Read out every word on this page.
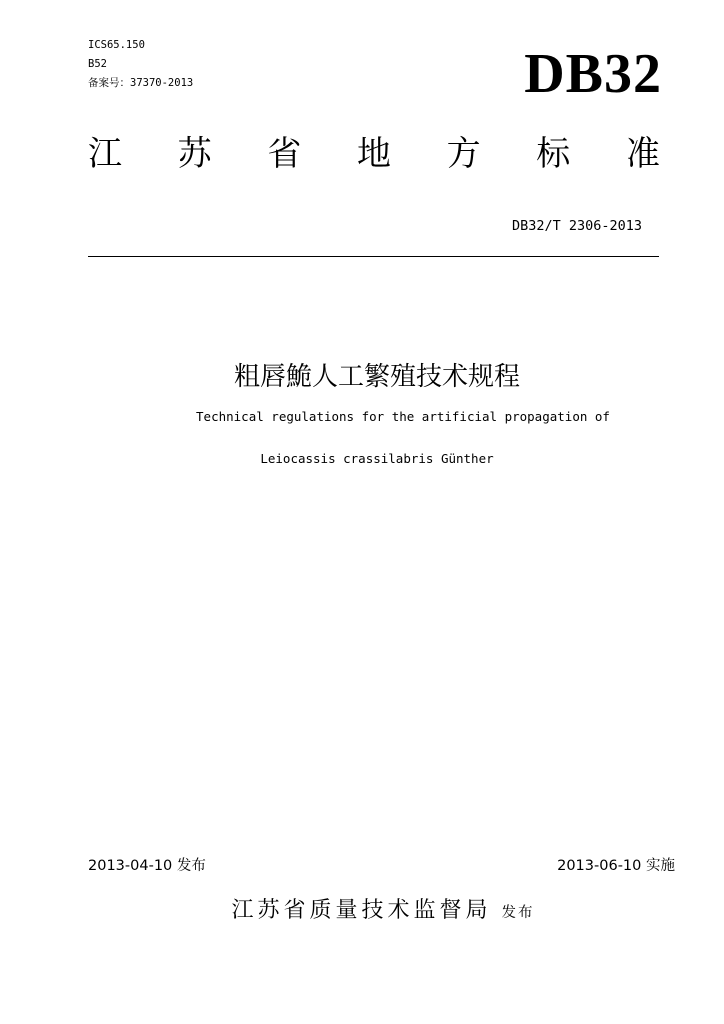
ICS65.150
B52
备案号：37370-2013	DB32
江 苏 省 地 方 标 准
DB32/T 2306-2013
粗唇鮠人工繁殖技术规程
Technical regulations for the artificial propagation of
Leiocassis crassilabris Günther
2013-04-10 发布	2013-06-10 实施
江苏省质量技术监督局 发布
